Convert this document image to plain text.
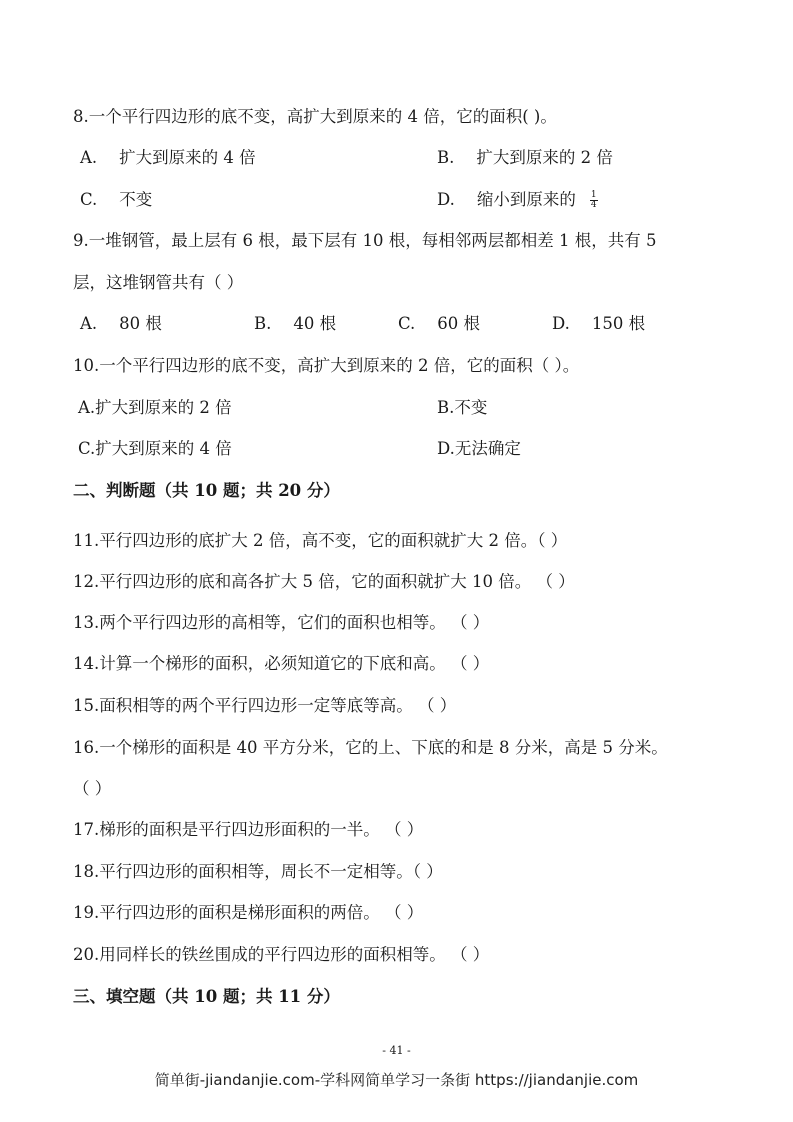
8.一个平行四边形的底不变，高扩大到原来的 4 倍，它的面积( )。
A. 扩大到原来的 4 倍	B. 扩大到原来的 2 倍
C. 不变	D. 缩小到原来的 $\frac{1}{4}$
9.一堆钢管，最上层有 6 根，最下层有 10 根，每相邻两层都相差 1 根，共有 5
层，这堆钢管共有（ ）
A. 80 根	B. 40 根	C. 60 根	D. 150 根
10.一个平行四边形的底不变，高扩大到原来的 2 倍，它的面积（ ）。
A.扩大到原来的 2 倍	B.不变
C.扩大到原来的 4 倍	D.无法确定
二、判断题（共 10 题；共 20 分）
11.平行四边形的底扩大 2 倍，高不变，它的面积就扩大 2 倍。（ ）
12.平行四边形的底和高各扩大 5 倍，它的面积就扩大 10 倍。 （ ）
13.两个平行四边形的高相等，它们的面积也相等。 （ ）
14.计算一个梯形的面积，必须知道它的下底和高。 （ ）
15.面积相等的两个平行四边形一定等底等高。 （ ）
16.一个梯形的面积是 40 平方分米，它的上、下底的和是 8 分米，高是 5 分米。
（ ）
17.梯形的面积是平行四边形面积的一半。 （ ）
18.平行四边形的面积相等，周长不一定相等。（ ）
19.平行四边形的面积是梯形面积的两倍。 （ ）
20.用同样长的铁丝围成的平行四边形的面积相等。 （ ）
三、填空题（共 10 题；共 11 分）
- 41 -
简单街-jiandanjie.com-学科网简单学习一条街 https://jiandanjie.com
